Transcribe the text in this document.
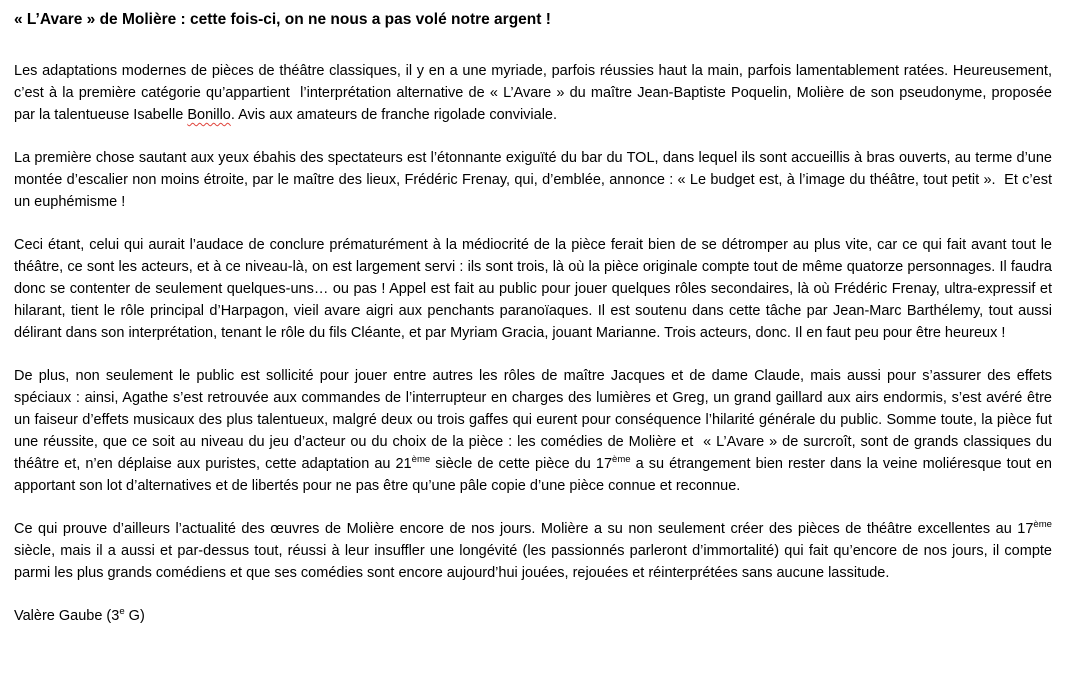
« L’Avare » de Molière : cette fois-ci, on ne nous a pas volé notre argent !

Les adaptations modernes de pièces de théâtre classiques, il y en a une myriade, parfois réussies haut la main, parfois lamentablement ratées. Heureusement, c’est à la première catégorie qu’appartient  l’interprétation alternative de « L’Avare » du maître Jean-Baptiste Poquelin, Molière de son pseudonyme, proposée par la talentueuse Isabelle Bonillo. Avis aux amateurs de franche rigolade conviviale.

La première chose sautant aux yeux ébahis des spectateurs est l’étonnante exiguïté du bar du TOL, dans lequel ils sont accueillis à bras ouverts, au terme d’une montée d’escalier non moins étroite, par le maître des lieux, Frédéric Frenay, qui, d’emblée, annonce : « Le budget est, à l’image du théâtre, tout petit ».  Et c’est un euphémisme !

Ceci étant, celui qui aurait l’audace de conclure prématurément à la médiocrité de la pièce ferait bien de se détromper au plus vite, car ce qui fait avant tout le théâtre, ce sont les acteurs, et à ce niveau-là, on est largement servi : ils sont trois, là où la pièce originale compte tout de même quatorze personnages. Il faudra donc se contenter de seulement quelques-uns… ou pas ! Appel est fait au public pour jouer quelques rôles secondaires, là où Frédéric Frenay, ultra-expressif et hilarant, tient le rôle principal d’Harpagon, vieil avare aigri aux penchants paranoïaques. Il est soutenu dans cette tâche par Jean-Marc Barthélemy, tout aussi délirant dans son interprétation, tenant le rôle du fils Cléante, et par Myriam Gracia, jouant Marianne. Trois acteurs, donc. Il en faut peu pour être heureux !

De plus, non seulement le public est sollicité pour jouer entre autres les rôles de maître Jacques et de dame Claude, mais aussi pour s’assurer des effets spéciaux : ainsi, Agathe s’est retrouvée aux commandes de l’interrupteur en charges des lumières et Greg, un grand gaillard aux airs endormis, s’est avéré être un faiseur d’effets musicaux des plus talentueux, malgré deux ou trois gaffes qui eurent pour conséquence l’hilarité générale du public. Somme toute, la pièce fut une réussite, que ce soit au niveau du jeu d’acteur ou du choix de la pièce : les comédies de Molière et  « L’Avare » de surcroît, sont de grands classiques du théâtre et, n’en déplaise aux puristes, cette adaptation au 21ème siècle de cette pièce du 17ème a su étrangement bien rester dans la veine moliéresque tout en apportant son lot d’alternatives et de libertés pour ne pas être qu’une pâle copie d’une pièce connue et reconnue.

Ce qui prouve d’ailleurs l’actualité des œuvres de Molière encore de nos jours. Molière a su non seulement créer des pièces de théâtre excellentes au 17ème siècle, mais il a aussi et par-dessus tout, réussi à leur insuffler une longévité (les passionnés parleront d’immortalité) qui fait qu’encore de nos jours, il compte parmi les plus grands comédiens et que ses comédies sont encore aujourd’hui jouées, rejouées et réinterprétées sans aucune lassitude.

Valère Gaube (3e G)
